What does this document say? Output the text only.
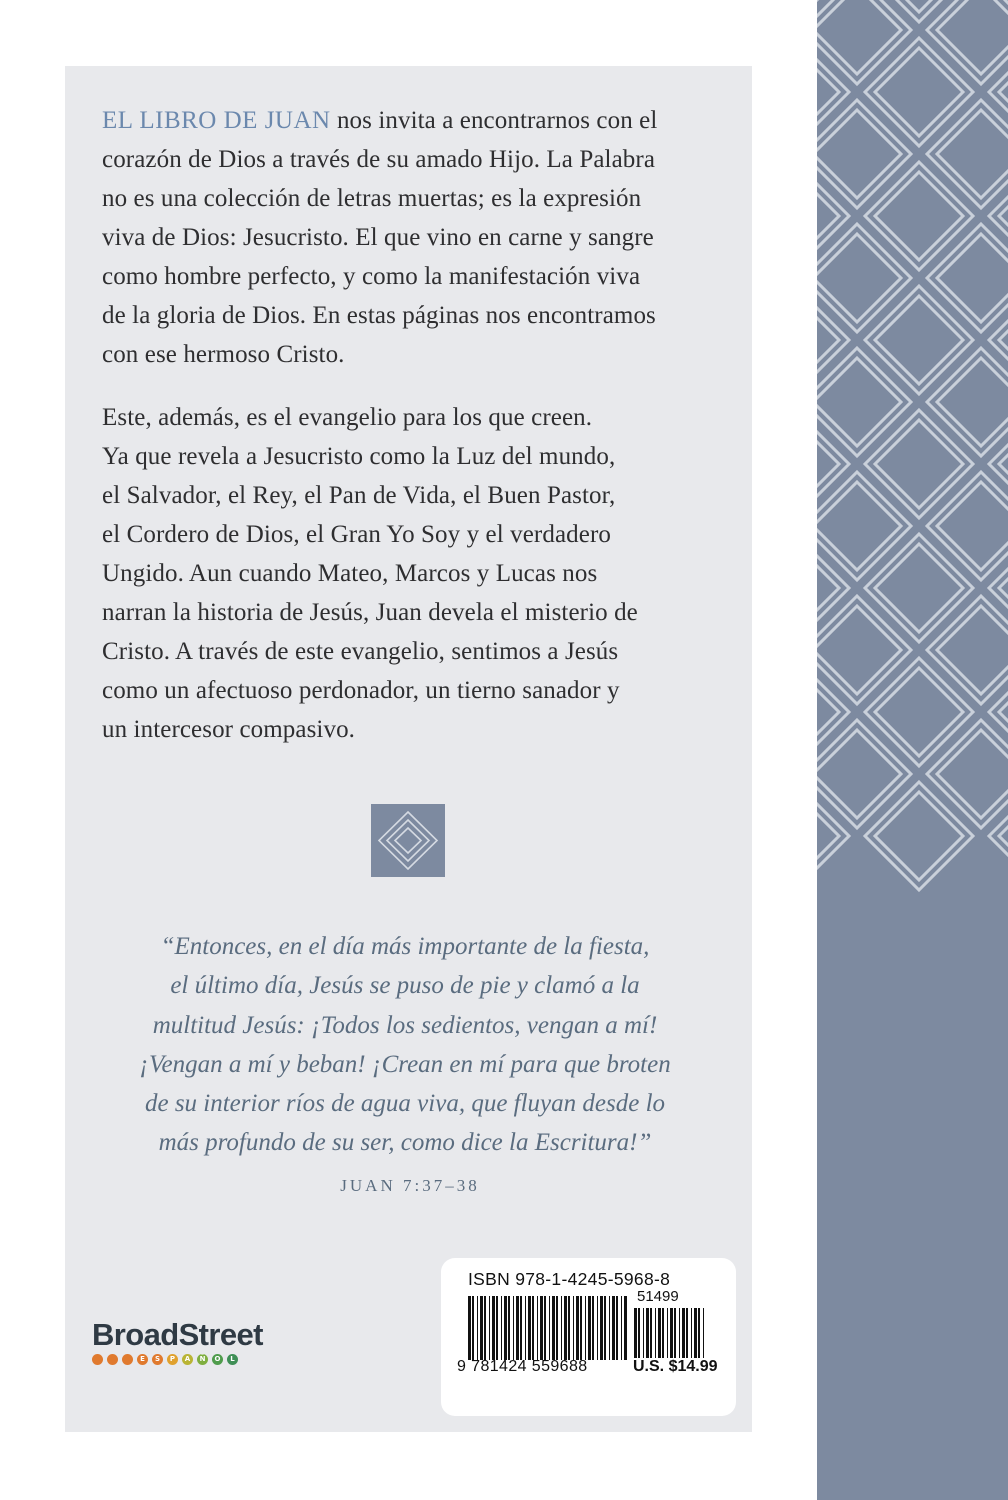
EL LIBRO DE JUAN nos invita a encontrarnos con el
corazón de Dios a través de su amado Hijo. La Palabra
no es una colección de letras muertas; es la expresión
viva de Dios: Jesucristo. El que vino en carne y sangre
como hombre perfecto, y como la manifestación viva
de la gloria de Dios. En estas páginas nos encontramos
con ese hermoso Cristo.

Este, además, es el evangelio para los que creen.
Ya que revela a Jesucristo como la Luz del mundo,
el Salvador, el Rey, el Pan de Vida, el Buen Pastor,
el Cordero de Dios, el Gran Yo Soy y el verdadero
Ungido. Aun cuando Mateo, Marcos y Lucas nos
narran la historia de Jesús, Juan devela el misterio de
Cristo. A través de este evangelio, sentimos a Jesús
como un afectuoso perdonador, un tierno sanador y
un intercesor compasivo.

“Entonces, en el día más importante de la fiesta,
el último día, Jesús se puso de pie y clamó a la
multitud Jesús: ¡Todos los sedientos, vengan a mí!
¡Vengan a mí y beban! ¡Crean en mí para que broten
de su interior ríos de agua viva, que fluyan desde lo
más profundo de su ser, como dice la Escritura!”

JUAN 7:37–38
BroadStreet
E	S	P	A	Ñ	O	L
ISBN 978-1-4245-5968-8
9 781424 559688
51499
U.S. $14.99
